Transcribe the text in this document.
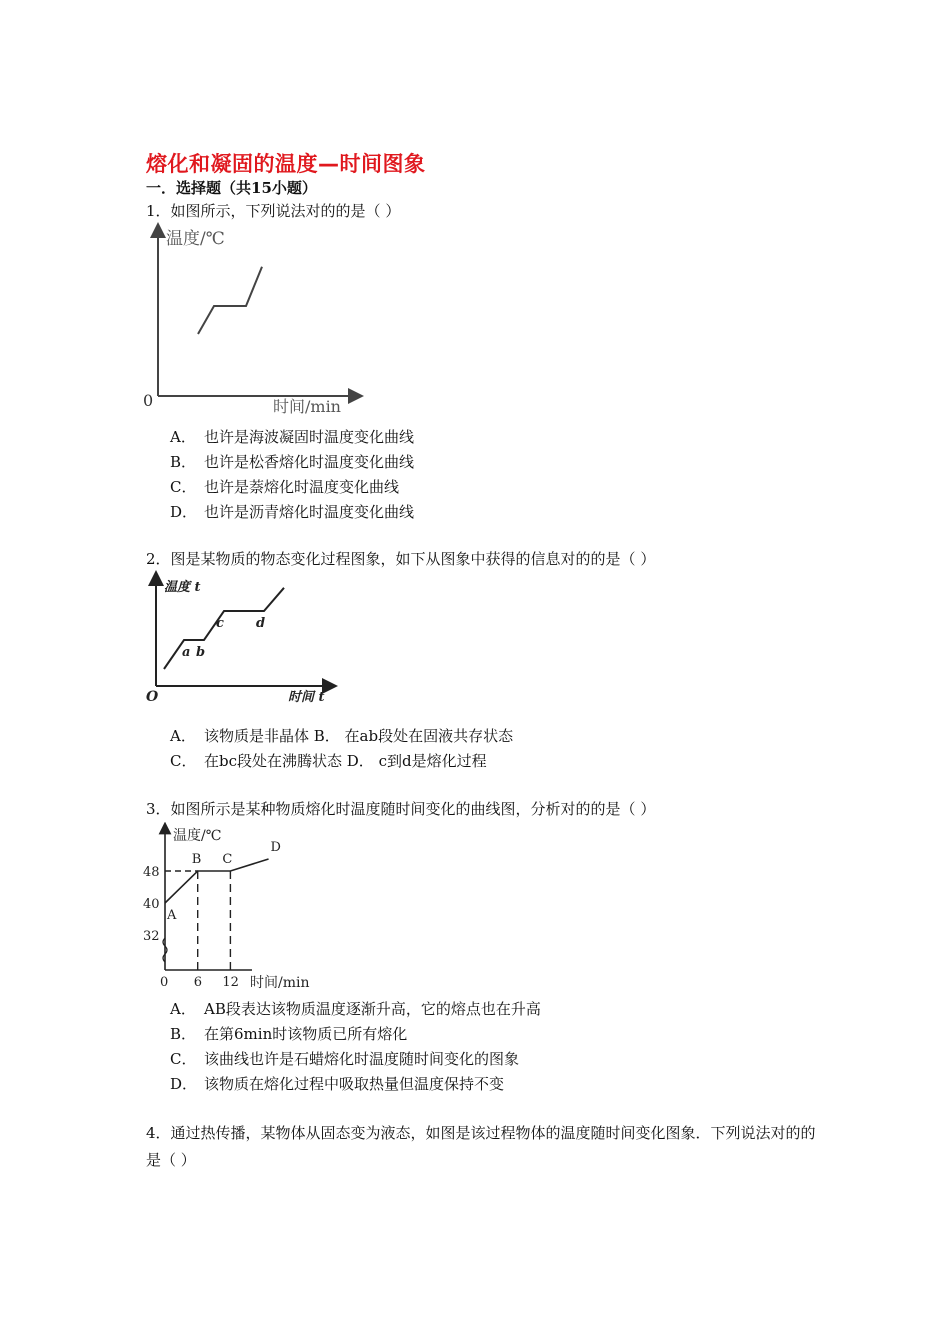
熔化和凝固的温度—时间图象
一．选择题（共15小题）
1．如图所示，下列说法对的的是（ ）
温度/℃
时间/min
0
A． 也许是海波凝固时温度变化曲线
B． 也许是松香熔化时温度变化曲线
C． 也许是萘熔化时温度变化曲线
D． 也许是沥青熔化时温度变化曲线
2．图是某物质的物态变化过程图象，如下从图象中获得的信息对的的是（ ）
温度 t
时间 t
O
a b
c d
A． 该物质是非晶体 B． 在ab段处在固液共存状态
C． 在bc段处在沸腾状态 D． c到d是熔化过程
3．如图所示是某种物质熔化时温度随时间变化的曲线图，分析对的的是（ ）
温度/℃
时间/min
32
40
48
0 6 12
A
B C
D
A． AB段表达该物质温度逐渐升高，它的熔点也在升高
B． 在第6min时该物质已所有熔化
C． 该曲线也许是石蜡熔化时温度随时间变化的图象
D． 该物质在熔化过程中吸取热量但温度保持不变
4．通过热传播，某物体从固态变为液态，如图是该过程物体的温度随时间变化图象．下列说法对的的是（ ）
